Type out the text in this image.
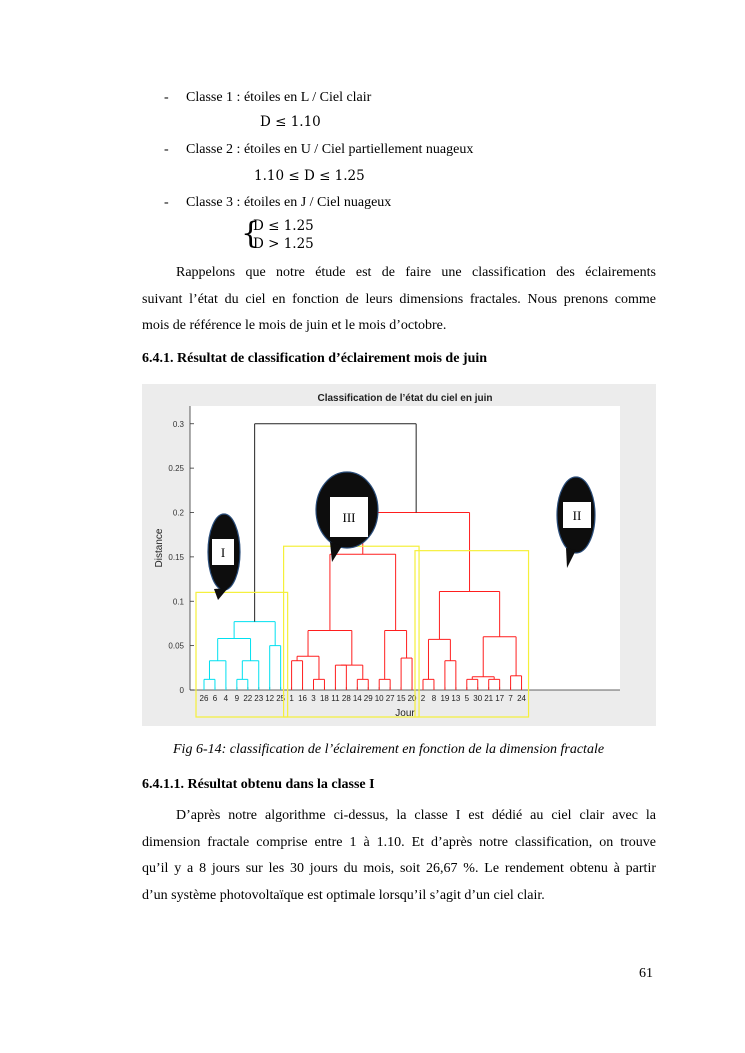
- Classe 1 : étoiles en L / Ciel clair
D ≤ 1.10
- Classe 2 : étoiles en U / Ciel partiellement nuageux
1.10 ≤ D ≤ 1.25
- Classe 3 : étoiles en J / Ciel nuageux
{
D ≤ 1.25
D > 1.25
Rappelons que notre étude est de faire une classification des éclairements
suivant l’état du ciel en fonction de leurs dimensions fractales. Nous prenons comme
mois de référence le mois de juin et le mois d’octobre.
6.4.1. Résultat de classification d’éclairement mois de juin
Classification de l’état du ciel en juin
Jour
Distance
0
0.05
0.1
0.15
0.2
0.25
0.3
26 6 4 9 22 23 12 25 1 16 3 18 11 28 14 29 10 27 15 20 2 8 19 13 5 30 21 17 7 24
I
III	II
Fig 6-14: classification de l’éclairement en fonction de la dimension fractale
6.4.1.1. Résultat obtenu dans la classe I
D’après notre algorithme ci-dessus, la classe I est dédié au ciel clair avec la
dimension fractale comprise entre 1 à 1.10. Et d’après notre classification, on trouve
qu’il y a 8 jours sur les 30 jours du mois, soit 26,67 %. Le rendement obtenu à partir
d’un système photovoltaïque est optimale lorsqu’il s’agit d’un ciel clair.
61
